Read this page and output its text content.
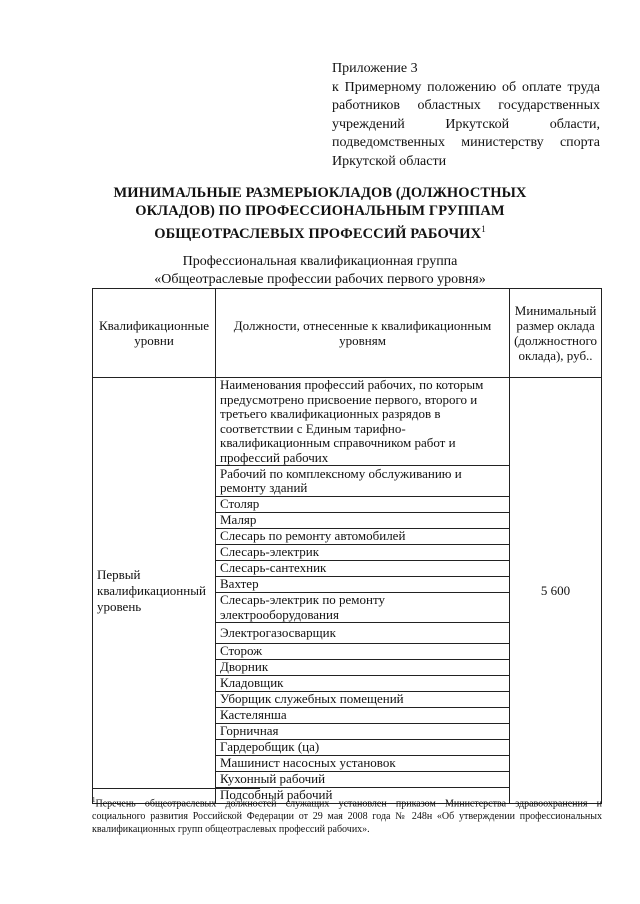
Приложение 3
к Примерному положению об оплате труда работников областных государственных учреждений Иркутской области, подведомственных министерству спорта Иркутской области
МИНИМАЛЬНЫЕ РАЗМЕРЫОКЛАДОВ (ДОЛЖНОСТНЫХ
ОКЛАДОВ) ПО ПРОФЕССИОНАЛЬНЫМ ГРУППАМ
ОБЩЕОТРАСЛЕВЫХ ПРОФЕССИЙ РАБОЧИХ$^1$
Профессиональная квалификационная группа
«Общеотраслевые профессии рабочих первого уровня»
Квалификационные уровни	Должности, отнесенные к квалификационным уровням	Минимальный размер оклада (должностного оклада), руб..
Первый квалификационный уровень	Наименования профессий рабочих, по которым предусмотрено присвоение первого, второго и третьего квалификационных разрядов в соответствии с Единым тарифно-квалификационным справочником работ и профессий рабочих	5 600
	Рабочий по комплексному обслуживанию и ремонту зданий	
	Столяр	
	Маляр	
	Слесарь по ремонту автомобилей	
	Слесарь-электрик	
	Слесарь-сантехник	
	Вахтер	
	Слесарь-электрик по ремонту электрооборудования	
	Электрогазосварщик	
	Сторож	
	Дворник	
	Кладовщик	
	Уборщик служебных помещений	
	Кастелянша	
	Горничная	
	Гардеробщик (ца)	
	Машинист насосных установок	
	Кухонный рабочий	
	Подсобный рабочий	
$^1$Перечень общеотраслевых должностей служащих установлен приказом Министерства здравоохранения и социального развития Российской Федерации от 29 мая 2008 года № 248н «Об утверждении профессиональных квалификационных групп общеотраслевых профессий рабочих».
